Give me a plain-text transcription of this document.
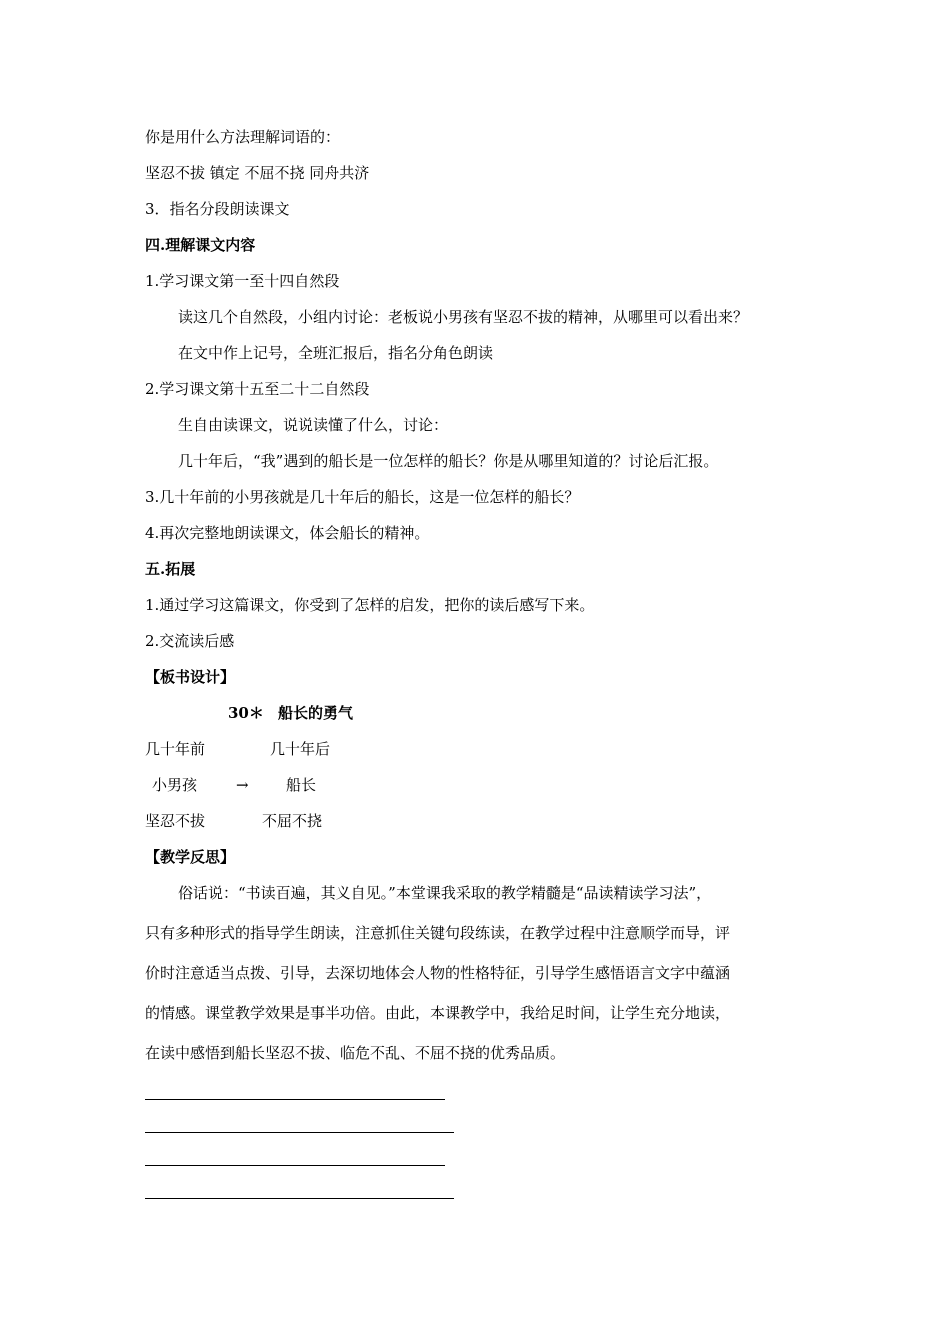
你是用什么方法理解词语的：
坚忍不拔 镇定 不屈不挠 同舟共济
3．指名分段朗读课文
四.理解课文内容
1.学习课文第一至十四自然段
读这几个自然段，小组内讨论：老板说小男孩有坚忍不拔的精神，从哪里可以看出来？
在文中作上记号，全班汇报后，指名分角色朗读
2.学习课文第十五至二十二自然段
生自由读课文，说说读懂了什么，讨论：
几十年后，“我”遇到的船长是一位怎样的船长？你是从哪里知道的？讨论后汇报。
3.几十年前的小男孩就是几十年后的船长，这是一位怎样的船长？
4.再次完整地朗读课文，体会船长的精神。
五.拓展
1.通过学习这篇课文，你受到了怎样的启发，把你的读后感写下来。
2.交流读后感
【板书设计】
30＊ 船长的勇气
几十年前	几十年后
小男孩	→ 船长
坚忍不拔	不屈不挠
【教学反思】
俗话说：“书读百遍，其义自见。”本堂课我采取的教学精髓是“品读精读学习法”，
只有多种形式的指导学生朗读，注意抓住关键句段练读，在教学过程中注意顺学而导，评
价时注意适当点拨、引导，去深切地体会人物的性格特征，引导学生感悟语言文字中蕴涵
的情感。课堂教学效果是事半功倍。由此，本课教学中，我给足时间，让学生充分地读，
在读中感悟到船长坚忍不拔、临危不乱、不屈不挠的优秀品质。
